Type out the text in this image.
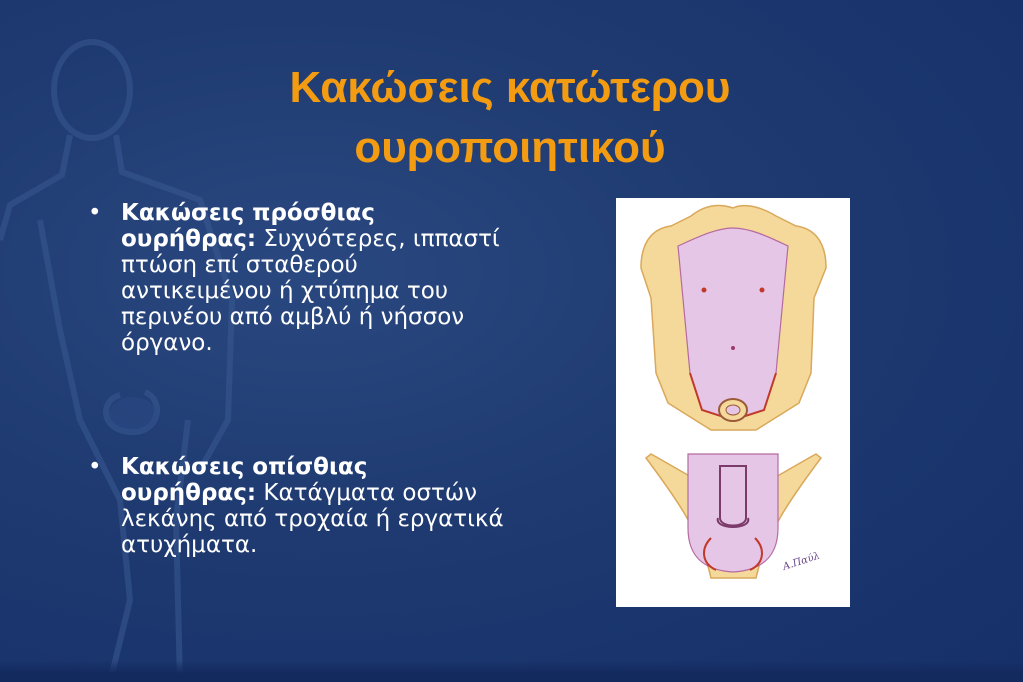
Κακώσεις κατώτερου
ουροποιητικού
• Κακώσεις πρόσθιας ουρήθρας: Συχνότερες, ιππαστί πτώση επί σταθερού αντικειμένου ή χτύπημα του περινέου από αμβλύ ή νήσσον όργανο.
• Κακώσεις οπίσθιας ουρήθρας: Κατάγματα οστών λεκάνης από τροχαία ή εργατικά ατυχήματα.
Α.Παύλ
